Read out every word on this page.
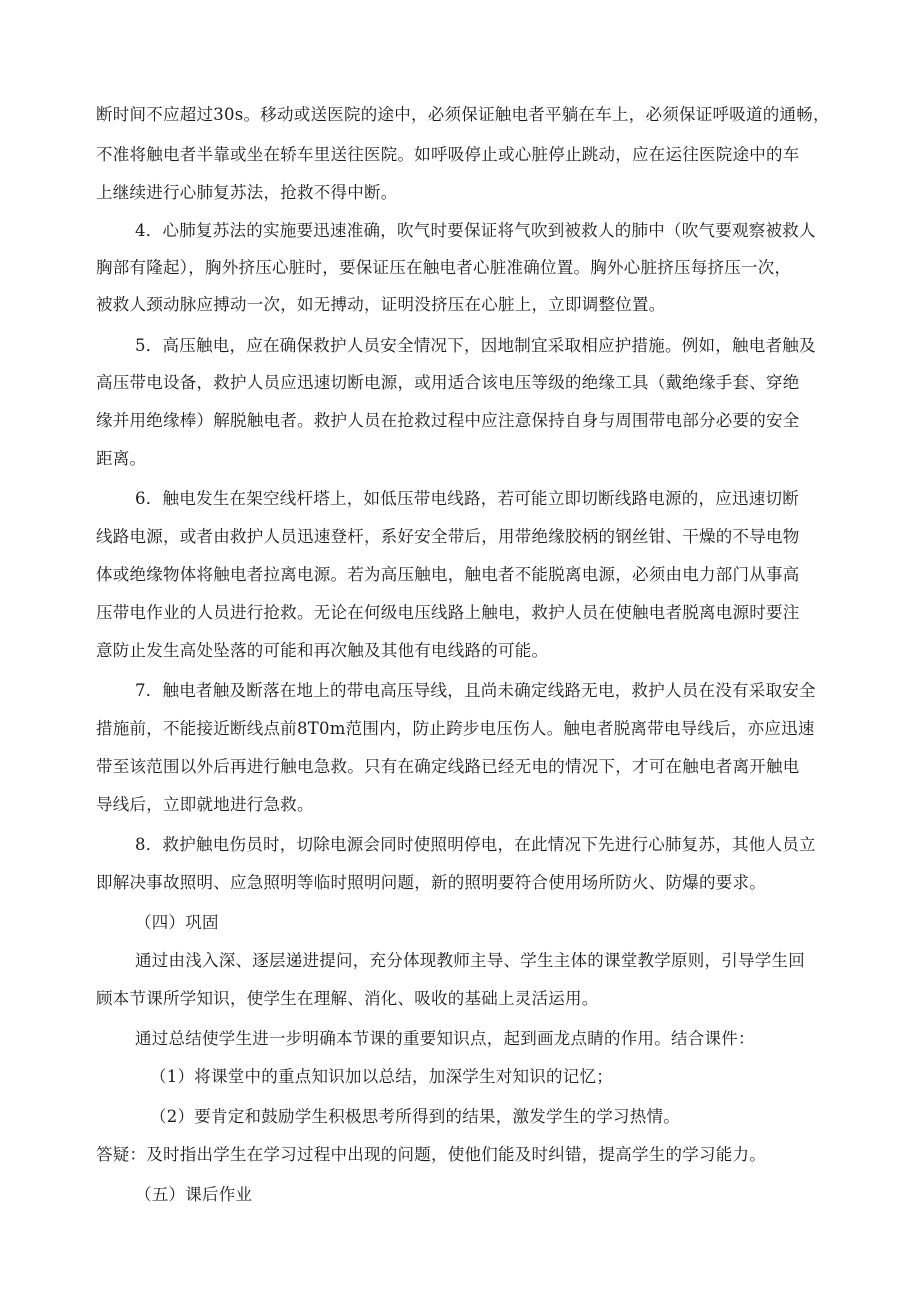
断时间不应超过30s。移动或送医院的途中，必须保证触电者平躺在车上，必须保证呼吸道的通畅，
不准将触电者半靠或坐在轿车里送往医院。如呼吸停止或心脏停止跳动，应在运往医院途中的车
上继续进行心肺复苏法，抢救不得中断。
4．心肺复苏法的实施要迅速准确，吹气时要保证将气吹到被救人的肺中（吹气要观察被救人
胸部有隆起），胸外挤压心脏时，要保证压在触电者心脏准确位置。胸外心脏挤压每挤压一次，
被救人颈动脉应搏动一次，如无搏动，证明没挤压在心脏上，立即调整位置。
5．高压触电，应在确保救护人员安全情况下，因地制宜采取相应护措施。例如，触电者触及
高压带电设备，救护人员应迅速切断电源，或用适合该电压等级的绝缘工具（戴绝缘手套、穿绝
缘并用绝缘棒）解脱触电者。救护人员在抢救过程中应注意保持自身与周围带电部分必要的安全
距离。
6．触电发生在架空线杆塔上，如低压带电线路，若可能立即切断线路电源的，应迅速切断
线路电源，或者由救护人员迅速登杆，系好安全带后，用带绝缘胶柄的钢丝钳、干燥的不导电物
体或绝缘物体将触电者拉离电源。若为高压触电，触电者不能脱离电源，必须由电力部门从事高
压带电作业的人员进行抢救。无论在何级电压线路上触电，救护人员在使触电者脱离电源时要注
意防止发生高处坠落的可能和再次触及其他有电线路的可能。
7．触电者触及断落在地上的带电高压导线，且尚未确定线路无电，救护人员在没有采取安全
措施前，不能接近断线点前8T0m范围内，防止跨步电压伤人。触电者脱离带电导线后，亦应迅速
带至该范围以外后再进行触电急救。只有在确定线路已经无电的情况下，才可在触电者离开触电
导线后，立即就地进行急救。
8．救护触电伤员时，切除电源会同时使照明停电，在此情况下先进行心肺复苏，其他人员立
即解决事故照明、应急照明等临时照明问题，新的照明要符合使用场所防火、防爆的要求。
（四）巩固
通过由浅入深、逐层递进提问，充分体现教师主导、学生主体的课堂教学原则，引导学生回
顾本节课所学知识，使学生在理解、消化、吸收的基础上灵活运用。
通过总结使学生进一步明确本节课的重要知识点，起到画龙点睛的作用。结合课件：
（1）将课堂中的重点知识加以总结，加深学生对知识的记忆；
（2）要肯定和鼓励学生积极思考所得到的结果，激发学生的学习热情。
答疑：及时指出学生在学习过程中出现的问题，使他们能及时纠错，提高学生的学习能力。
（五）课后作业
